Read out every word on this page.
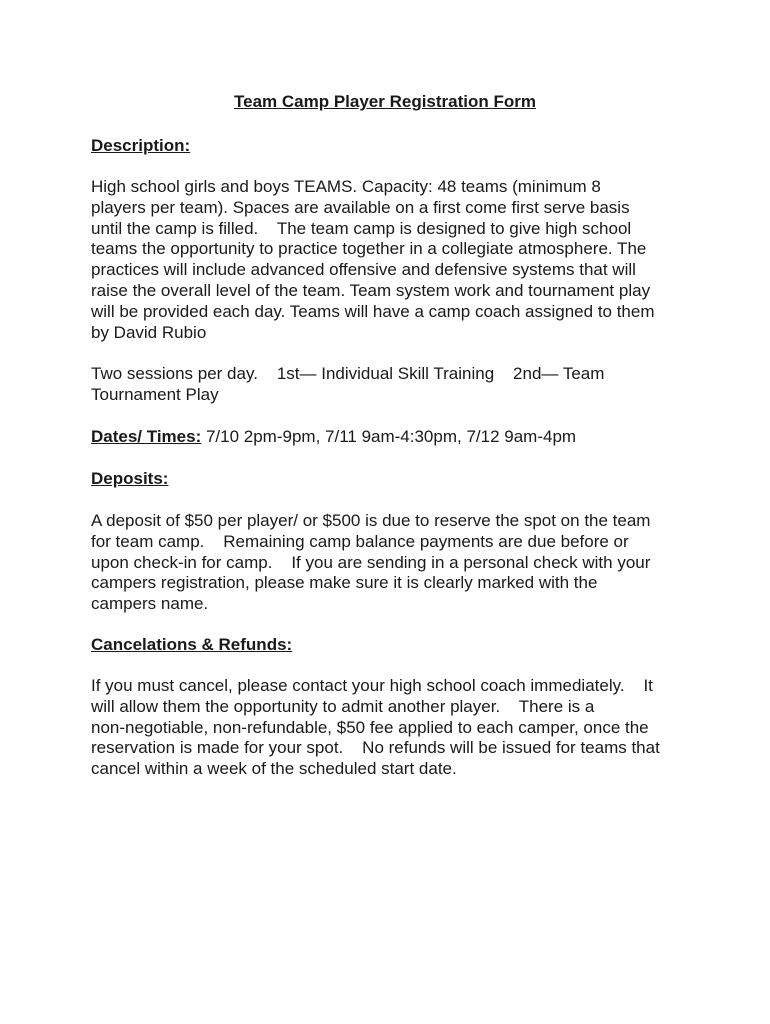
Team Camp Player Registration Form
Description:
High school girls and boys TEAMS. Capacity: 48 teams (minimum 8
players per team). Spaces are available on a first come first serve basis
until the camp is filled.    The team camp is designed to give high school
teams the opportunity to practice together in a collegiate atmosphere. The
practices will include advanced offensive and defensive systems that will
raise the overall level of the team. Team system work and tournament play
will be provided each day. Teams will have a camp coach assigned to them
by David Rubio
Two sessions per day.    1st— Individual Skill Training    2nd— Team
Tournament Play
Dates/ Times: 7/10 2pm-9pm, 7/11 9am-4:30pm, 7/12 9am-4pm
Deposits:
A deposit of $50 per player/ or $500 is due to reserve the spot on the team
for team camp.    Remaining camp balance payments are due before or
upon check-in for camp.    If you are sending in a personal check with your
campers registration, please make sure it is clearly marked with the
campers name.
Cancelations & Refunds:
If you must cancel, please contact your high school coach immediately.    It
will allow them the opportunity to admit another player.    There is a
non-negotiable, non-refundable, $50 fee applied to each camper, once the
reservation is made for your spot.    No refunds will be issued for teams that
cancel within a week of the scheduled start date.
